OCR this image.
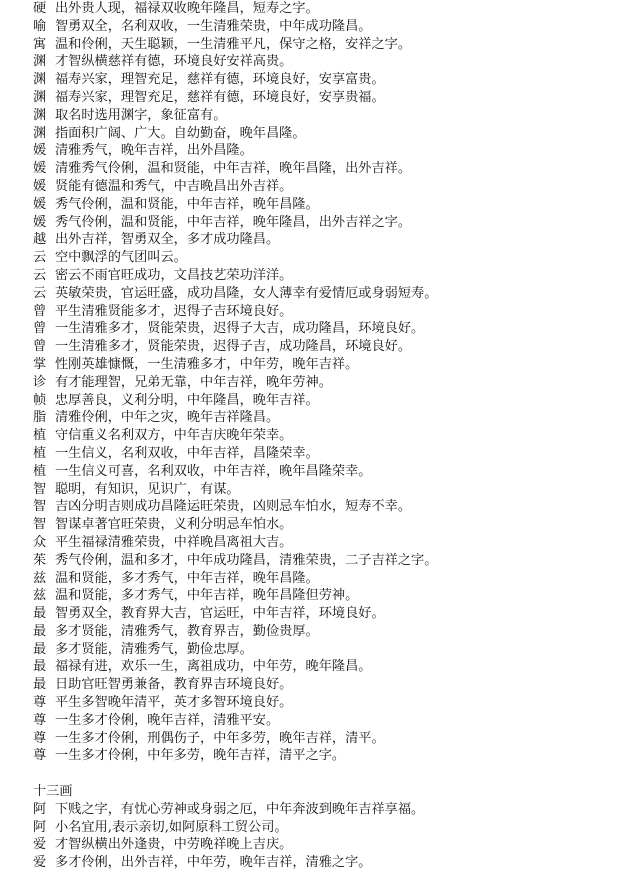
硬 出外贵人现，福禄双收晚年隆昌，短寿之字。
喻 智勇双全，名利双收，一生清雅荣贵，中年成功隆昌。
寓 温和伶俐，天生聪颖，一生清雅平凡，保守之格，安祥之字。
渊 才智纵横慈祥有德，环境良好安祥高贵。
渊 福寿兴家，理智充足，慈祥有德，环境良好，安享富贵。
渊 福寿兴家，理智充足，慈祥有德，环境良好，安享贵福。
渊 取名时选用渊字，象征富有。
渊 指面积广阔、广大。自幼勤奋，晚年昌隆。
媛 清雅秀气，晚年吉祥，出外昌隆。
媛 清雅秀气伶俐，温和贤能，中年吉祥，晚年昌隆，出外吉祥。
媛 贤能有德温和秀气，中吉晚昌出外吉祥。
媛 秀气伶俐，温和贤能，中年吉祥，晚年昌隆。
媛 秀气伶俐，温和贤能，中年吉祥，晚年隆昌，出外吉祥之字。
越 出外吉祥，智勇双全，多才成功隆昌。
云 空中飘浮的气团叫云。
云 密云不雨官旺成功，文昌技艺荣功洋洋。
云 英敏荣贵，官运旺盛，成功昌隆，女人薄幸有爱情厄或身弱短寿。
曾 平生清雅贤能多才，迟得子吉环境良好。
曾 一生清雅多才，贤能荣贵，迟得子大吉，成功隆昌，环境良好。
曾 一生清雅多才，贤能荣贵，迟得子吉，成功隆昌，环境良好。
掌 性刚英雄慷慨，一生清雅多才，中年劳，晚年吉祥。
诊 有才能理智，兄弟无靠，中年吉祥，晚年劳神。
帧 忠厚善良，义利分明，中年隆昌，晚年吉祥。
脂 清雅伶俐，中年之灾，晚年吉祥隆昌。
植 守信重义名利双方，中年吉庆晚年荣幸。
植 一生信义，名利双收，中年吉祥，昌隆荣幸。
植 一生信义可喜，名利双收，中年吉祥，晚年昌隆荣幸。
智 聪明，有知识，见识广，有谋。
智 吉凶分明吉则成功昌隆运旺荣贵，凶则忌车怕水，短寿不幸。
智 智谋卓著官旺荣贵，义利分明忌车怕水。
众 平生福禄清雅荣贵，中祥晚昌离祖大吉。
茱 秀气伶俐，温和多才，中年成功隆昌，清雅荣贵，二子吉祥之字。
兹 温和贤能，多才秀气，中年吉祥，晚年昌隆。
兹 温和贤能，多才秀气，中年吉祥，晚年昌隆但劳神。
最 智勇双全，教育界大吉，官运旺，中年吉祥，环境良好。
最 多才贤能，清雅秀气，教育界吉，勤俭贵厚。
最 多才贤能，清雅秀气，勤俭忠厚。
最 福禄有进，欢乐一生，离祖成功，中年劳，晚年隆昌。
最 日助官旺智勇兼备，教育界吉环境良好。
尊 平生多智晚年清平，英才多智环境良好。
尊 一生多才伶俐，晚年吉祥，清雅平安。
尊 一生多才伶俐，刑偶伤子，中年多劳，晚年吉祥，清平。
尊 一生多才伶俐，中年多劳，晚年吉祥，清平之字。
十三画
阿 下贱之字，有忧心劳神或身弱之厄，中年奔波到晚年吉祥享福。
阿 小名宜用,表示亲切,如阿原科工贸公司。
爱 才智纵横出外逢贵，中劳晚祥晚上吉庆。
爱 多才伶俐，出外吉祥，中年劳，晚年吉祥，清雅之字。
